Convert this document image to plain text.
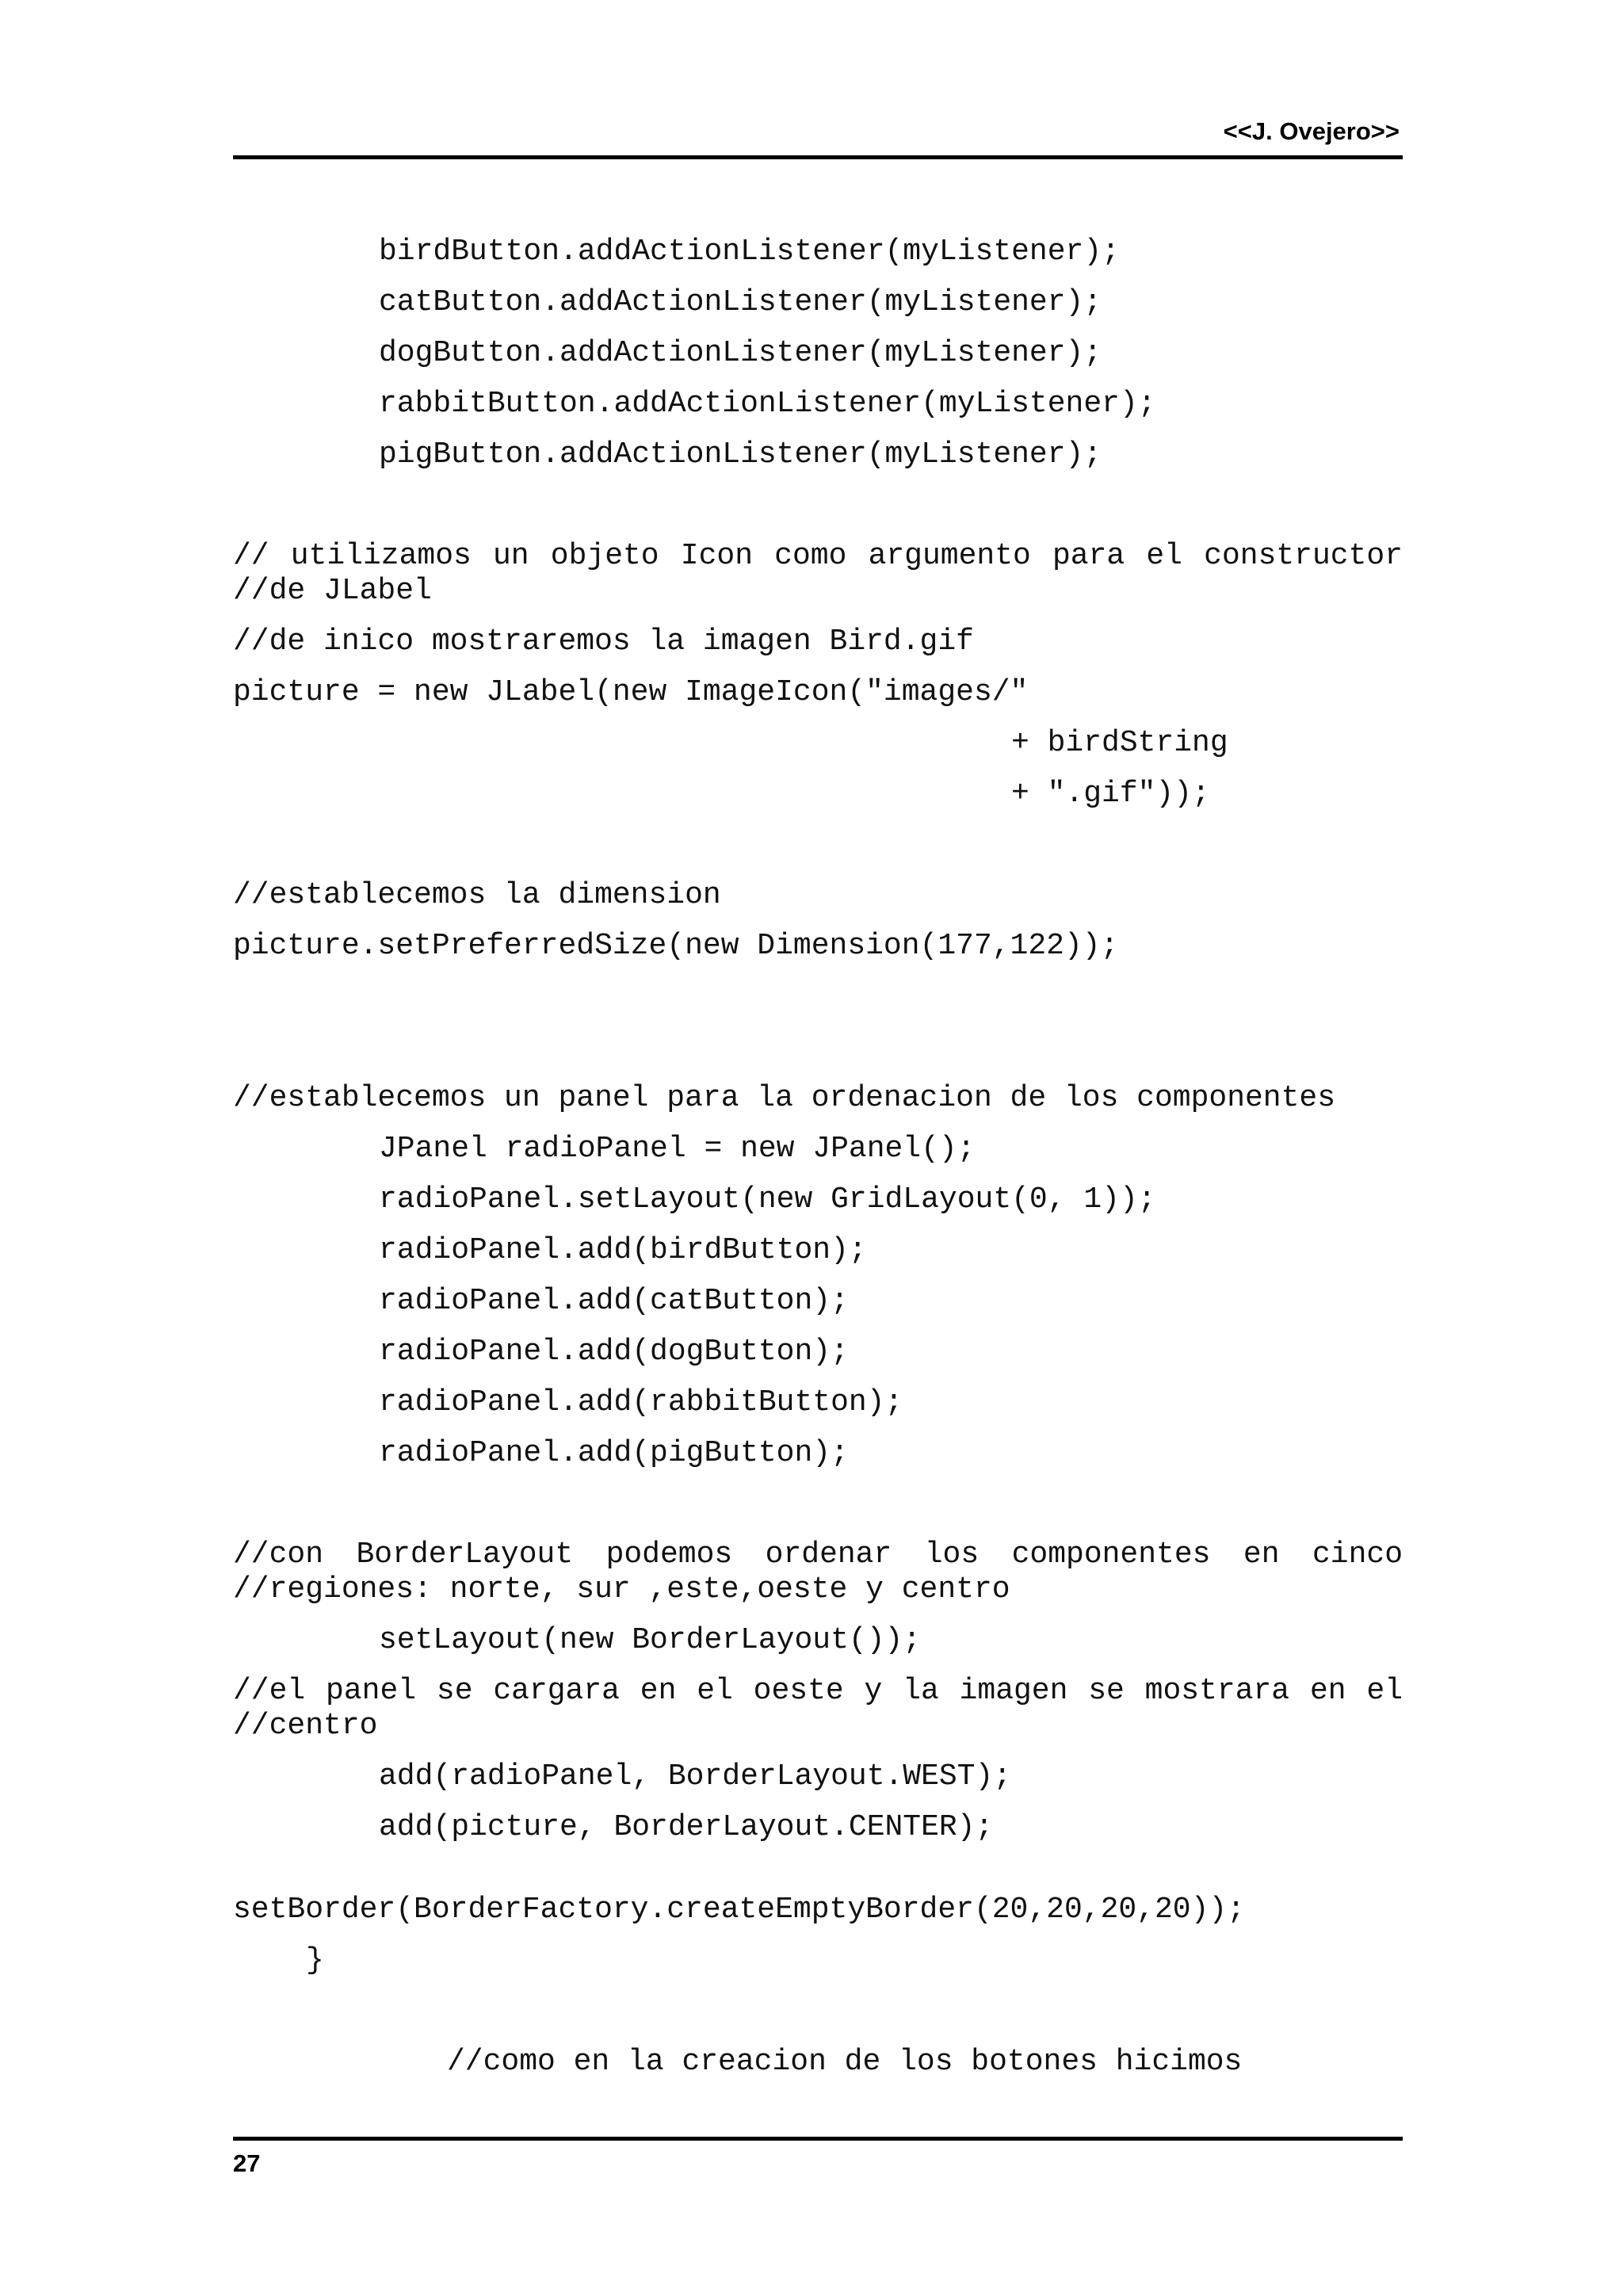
<<J. Ovejero>>
birdButton.addActionListener(myListener);
catButton.addActionListener(myListener);
dogButton.addActionListener(myListener);
rabbitButton.addActionListener(myListener);
pigButton.addActionListener(myListener);
// utilizamos un objeto Icon como argumento para el constructor
//de JLabel
//de inico mostraremos la imagen Bird.gif
picture = new JLabel(new ImageIcon("images/"
+ birdString
+ ".gif"));
//establecemos la dimension
picture.setPreferredSize(new Dimension(177,122));
//establecemos un panel para la ordenacion de los componentes
JPanel radioPanel = new JPanel();
radioPanel.setLayout(new GridLayout(0, 1));
radioPanel.add(birdButton);
radioPanel.add(catButton);
radioPanel.add(dogButton);
radioPanel.add(rabbitButton);
radioPanel.add(pigButton);
//con BorderLayout podemos ordenar los componentes en cinco
//regiones: norte, sur ,este,oeste y centro
setLayout(new BorderLayout());
//el panel se cargara en el oeste y la imagen se mostrara en el
//centro
add(radioPanel, BorderLayout.WEST);
add(picture, BorderLayout.CENTER);
setBorder(BorderFactory.createEmptyBorder(20,20,20,20));
}
//como en la creacion de los botones hicimos
27
